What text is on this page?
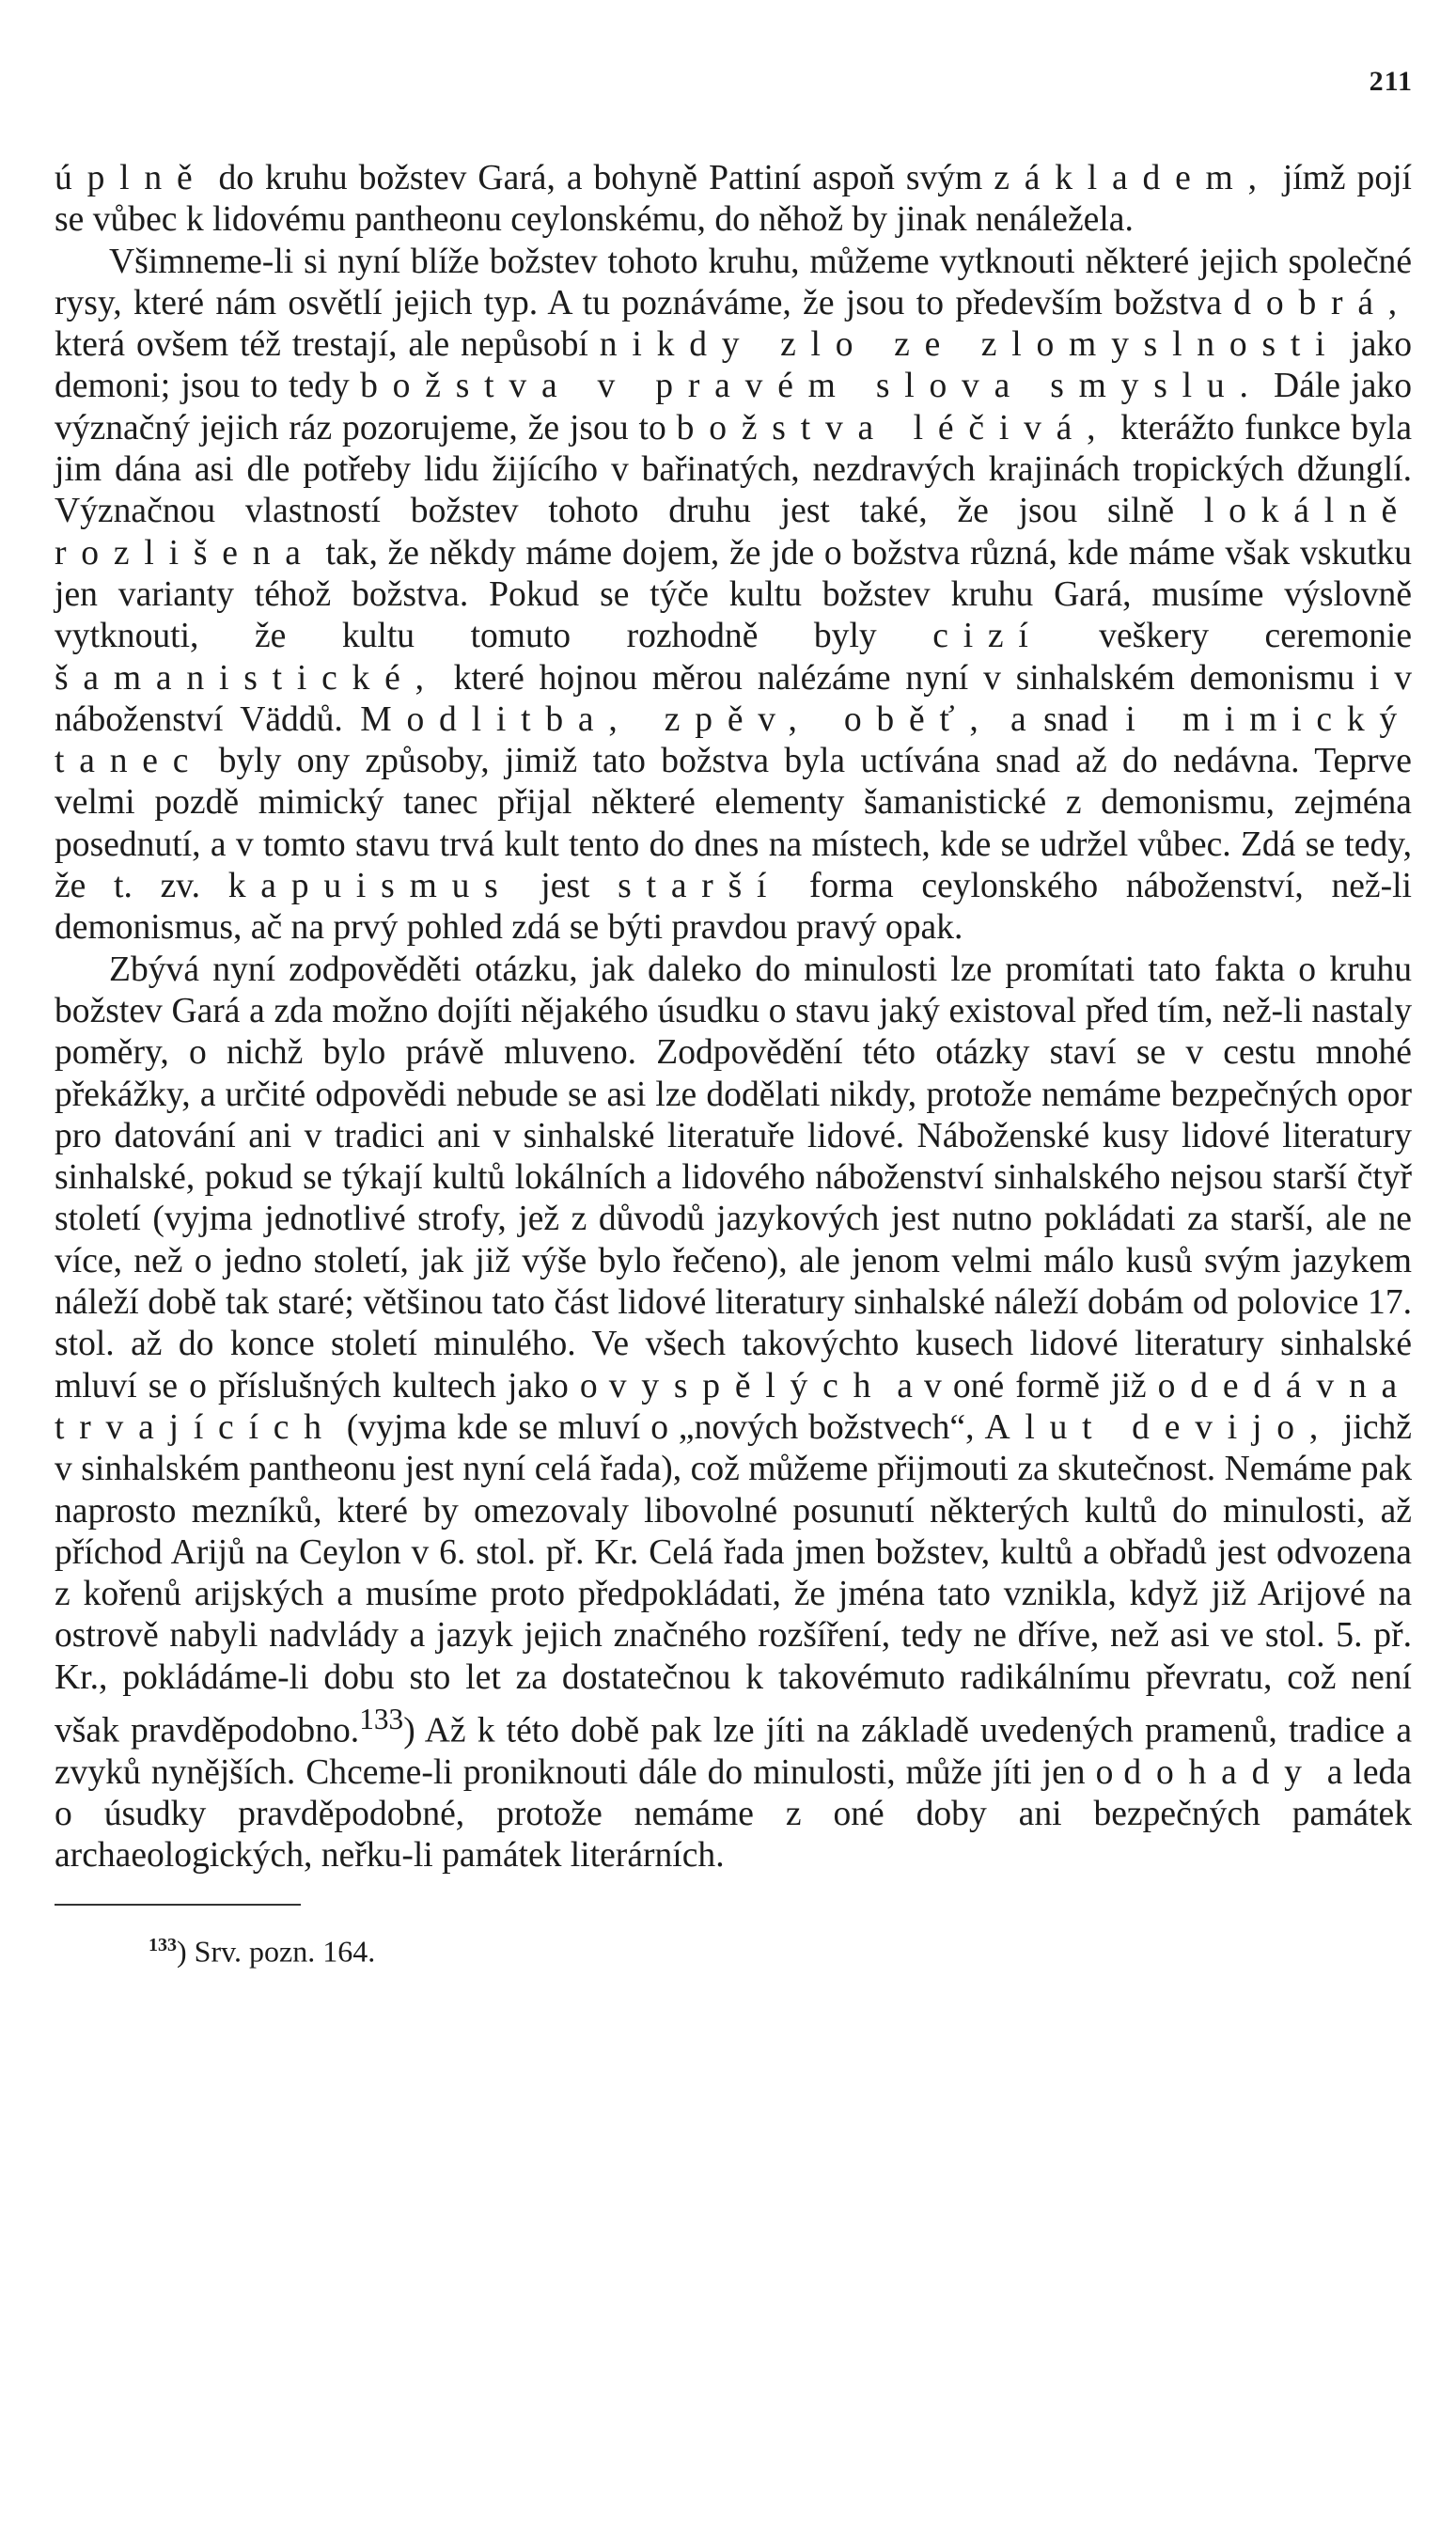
211

úplně do kruhu božstev Gará, a bohyně Pattiní aspoň svým základem, jímž pojí se vůbec k lidovému pantheonu ceylonskému, do něhož by jinak nenáležela.

Všimneme-li si nyní blíže božstev tohoto kruhu, můžeme vytknouti některé jejich společné rysy, které nám osvětlí jejich typ. A tu poznáváme, že jsou to především božstva dobrá, která ovšem též trestají, ale nepůsobí nikdy zlo ze zlomyslnosti jako demoni; jsou to tedy božstva v pravém slova smyslu. Dále jako význačný jejich ráz pozorujeme, že jsou to božstva léčivá, kterážto funkce byla jim dána asi dle potřeby lidu žijícího v bařinatých, nezdravých krajinách tropických džunglí. Význačnou vlastností božstev tohoto druhu jest také, že jsou silně lokálně rozlišena tak, že někdy máme dojem, že jde o božstva různá, kde máme však vskutku jen varianty téhož božstva. Pokud se týče kultu božstev kruhu Gará, musíme výslovně vytknouti, že kultu tomuto rozhodně byly cizí veškery ceremonie šamanistické, které hojnou měrou nalézáme nyní v sinhalském demonismu i v náboženství Väddů. Modlitba, zpěv, oběť, a snad i mimický tanec byly ony způsoby, jimiž tato božstva byla uctívána snad až do nedávna. Teprve velmi pozdě mimický tanec přijal některé elementy šamanistické z demonismu, zejména posednutí, a v tomto stavu trvá kult tento do dnes na místech, kde se udržel vůbec. Zdá se tedy, že t. zv. kapuismus jest starší forma ceylonského náboženství, než-li demonismus, ač na prvý pohled zdá se býti pravdou pravý opak.

Zbývá nyní zodpověděti otázku, jak daleko do minulosti lze promítati tato fakta o kruhu božstev Gará a zda možno dojíti nějakého úsudku o stavu jaký existoval před tím, než-li nastaly poměry, o nichž bylo právě mluveno. Zodpovědění této otázky staví se v cestu mnohé překážky, a určité odpovědi nebude se asi lze dodělati nikdy, protože nemáme bezpečných opor pro datování ani v tradici ani v sinhalské literatuře lidové. Náboženské kusy lidové literatury sinhalské, pokud se týkají kultů lokálních a lidového náboženství sinhalského nejsou starší čtyř století (vyjma jednotlivé strofy, jež z důvodů jazykových jest nutno pokládati za starší, ale ne více, než o jedno století, jak již výše bylo řečeno), ale jenom velmi málo kusů svým jazykem náleží době tak staré; většinou tato část lidové literatury sinhalské náleží dobám od polovice 17. stol. až do konce století minulého. Ve všech takovýchto kusech lidové literatury sinhalské mluví se o příslušných kultech jako o vyspělých a v oné formě již odedávna trvajících (vyjma kde se mluví o „nových božstvech“, Alut devijo, jichž v sinhalském pantheonu jest nyní celá řada), což můžeme přijmouti za skutečnost. Nemáme pak naprosto mezníků, které by omezovaly libovolné posunutí některých kultů do minulosti, až příchod Arijů na Ceylon v 6. stol. př. Kr. Celá řada jmen božstev, kultů a obřadů jest odvozena z kořenů arijských a musíme proto předpokládati, že jména tato vznikla, když již Arijové na ostrově nabyli nadvlády a jazyk jejich značného rozšíření, tedy ne dříve, než asi ve stol. 5. př. Kr., pokládáme-li dobu sto let za dostatečnou k takovémuto radikálnímu převratu, což není však pravděpodobno.$^{133}$) Až k této době pak lze jíti na základě uvedených pramenů, tradice a zvyků nynějších. Chceme-li proniknouti dále do minulosti, může jíti jen o dohady a leda o úsudky pravděpodobné, protože nemáme z oné doby ani bezpečných památek archaeologických, neřku-li památek literárních.

$^{133}$) Srv. pozn. 164.
